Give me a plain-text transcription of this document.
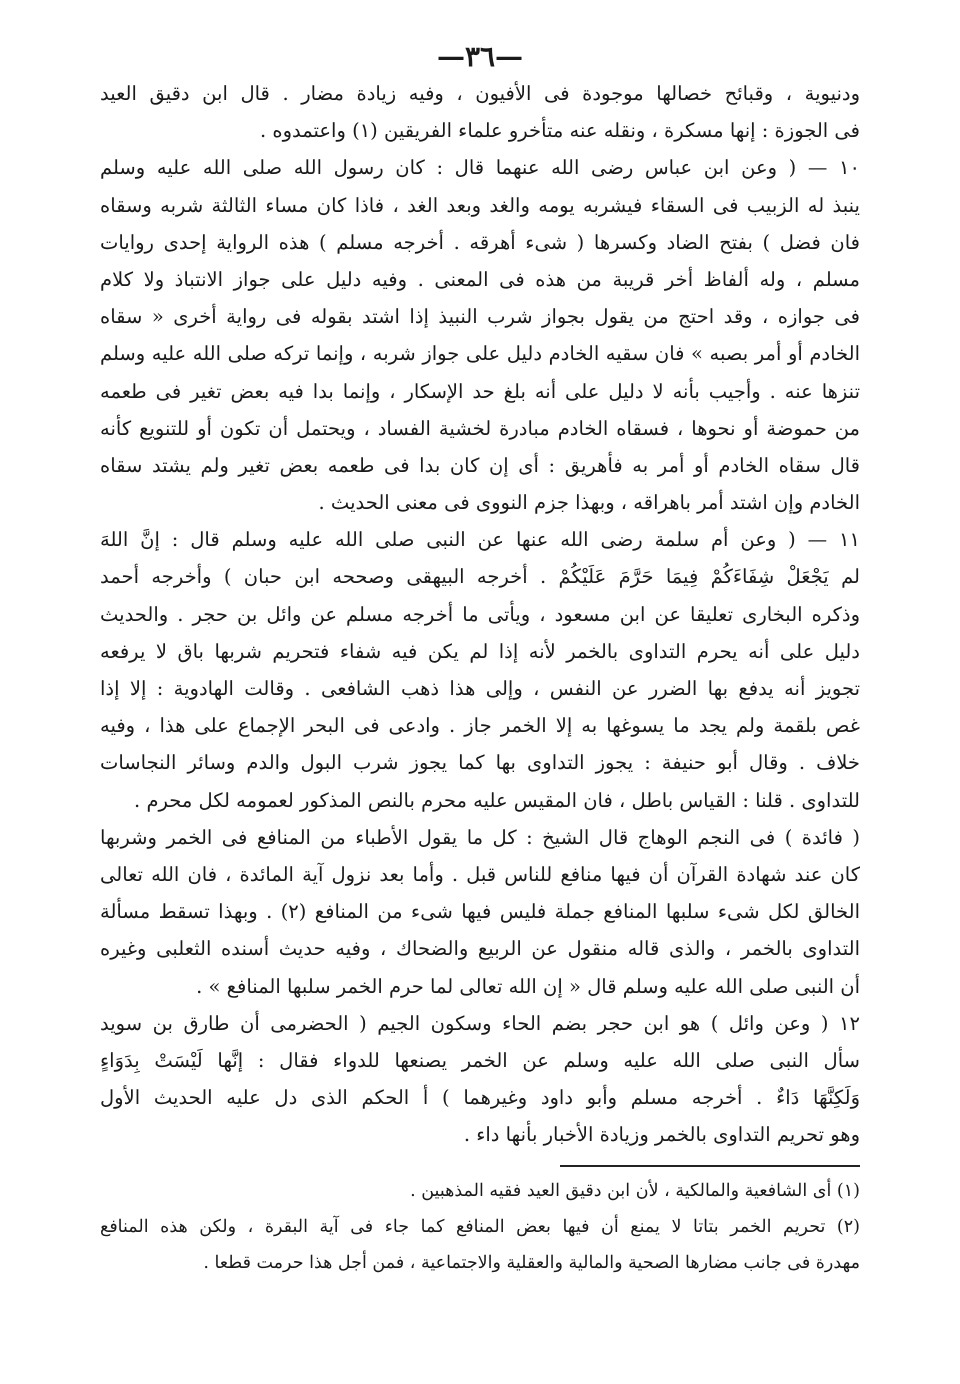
—٣٦—
ودنيوية ، وقبائح خصالها موجودة فى الأفيون ، وفيه زيادة مضار . قال ابن دقيق العيد
فى الجوزة : إنها مسكرة ، ونقله عنه متأخرو علماء الفريقين (١) واعتمدوه .
١٠ — ( وعن ابن عباس رضى الله عنهما قال : كان رسول الله صلى الله عليه وسلم
ينبذ له الزبيب فى السقاء فيشربه يومه والغد وبعد الغد ، فاذا كان مساء الثالثة شربه وسقاه
فان فضل ) بفتح الضاد وكسرها ( شىء أهرقه . أخرجه مسلم ) هذه الرواية إحدى روايات
مسلم ، وله ألفاظ أخر قريبة من هذه فى المعنى . وفيه دليل على جواز الانتباذ ولا كلام
فى جوازه ، وقد احتج من يقول بجواز شرب النبيذ إذا اشتد بقوله فى رواية أخرى « سقاه
الخادم أو أمر بصبه » فان سقيه الخادم دليل على جواز شربه ، وإنما تركه صلى الله عليه وسلم
تنزها عنه . وأجيب بأنه لا دليل على أنه بلغ حد الإسكار ، وإنما بدا فيه بعض تغير فى طعمه
من حموضة أو نحوها ، فسقاه الخادم مبادرة لخشية الفساد ، ويحتمل أن تكون أو للتنويع كأنه
قال سقاه الخادم أو أمر به فأهريق : أى إن كان بدا فى طعمه بعض تغير ولم يشتد سقاه
الخادم وإن اشتد أمر باهراقه ، وبهذا جزم النووى فى معنى الحديث .
١١ — ( وعن أم سلمة رضى الله عنها عن النبى صلى الله عليه وسلم قال : إنَّ اللهَ
لم يَجْعَلْ شِفَاءَكُمْ فِيمَا حَرَّمَ عَلَيْكُمْ . أخرجه البيهقى وصححه ابن حبان ) وأخرجه أحمد
وذكره البخارى تعليقا عن ابن مسعود ، ويأتى ما أخرجه مسلم عن وائل بن حجر . والحديث
دليل على أنه يحرم التداوى بالخمر لأنه إذا لم يكن فيه شفاء فتحريم شربها باق لا يرفعه
تجويز أنه يدفع بها الضرر عن النفس ، وإلى هذا ذهب الشافعى . وقالت الهادوية : إلا إذا
غص بلقمة ولم يجد ما يسوغها به إلا الخمر جاز . وادعى فى البحر الإجماع على هذا ، وفيه
خلاف . وقال أبو حنيفة : يجوز التداوى بها كما يجوز شرب البول والدم وسائر النجاسات
للتداوى . قلنا : القياس باطل ، فان المقيس عليه محرم بالنص المذكور لعمومه لكل محرم .
( فائدة ) فى النجم الوهاج قال الشيخ : كل ما يقول الأطباء من المنافع فى الخمر وشربها
كان عند شهادة القرآن أن فيها منافع للناس قبل . وأما بعد نزول آية المائدة ، فان الله تعالى
الخالق لكل شىء سلبها المنافع جملة فليس فيها شىء من المنافع (٢) . وبهذا تسقط مسألة
التداوى بالخمر ، والذى قاله منقول عن الربيع والضحاك ، وفيه حديث أسنده الثعلبى وغيره
أن النبى صلى الله عليه وسلم قال « إن الله تعالى لما حرم الخمر سلبها المنافع » .
١٢ ( وعن وائل ) هو ابن حجر بضم الحاء وسكون الجيم ( الحضرمى أن طارق بن سويد
سأل النبى صلى الله عليه وسلم عن الخمر يصنعها للدواء فقال : إنَّها لَيْسَتْ بِدَوَاءٍ
وَلَكِنَّهَا دَاءٌ . أخرجه مسلم وأبو داود وغيرهما ) أ الحكم الذى دل عليه الحديث الأول
وهو تحريم التداوى بالخمر وزيادة الأخبار بأنها داء .
(١) أى الشافعية والمالكية ، لأن ابن دقيق العيد فقيه المذهبين .
(٢) تحريم الخمر بتاتا لا يمنع أن فيها بعض المنافع كما جاء فى آية البقرة ، ولكن هذه المنافع
مهدرة فى جانب مضارها الصحية والمالية والعقلية والاجتماعية ، فمن أجل هذا حرمت قطعا .
